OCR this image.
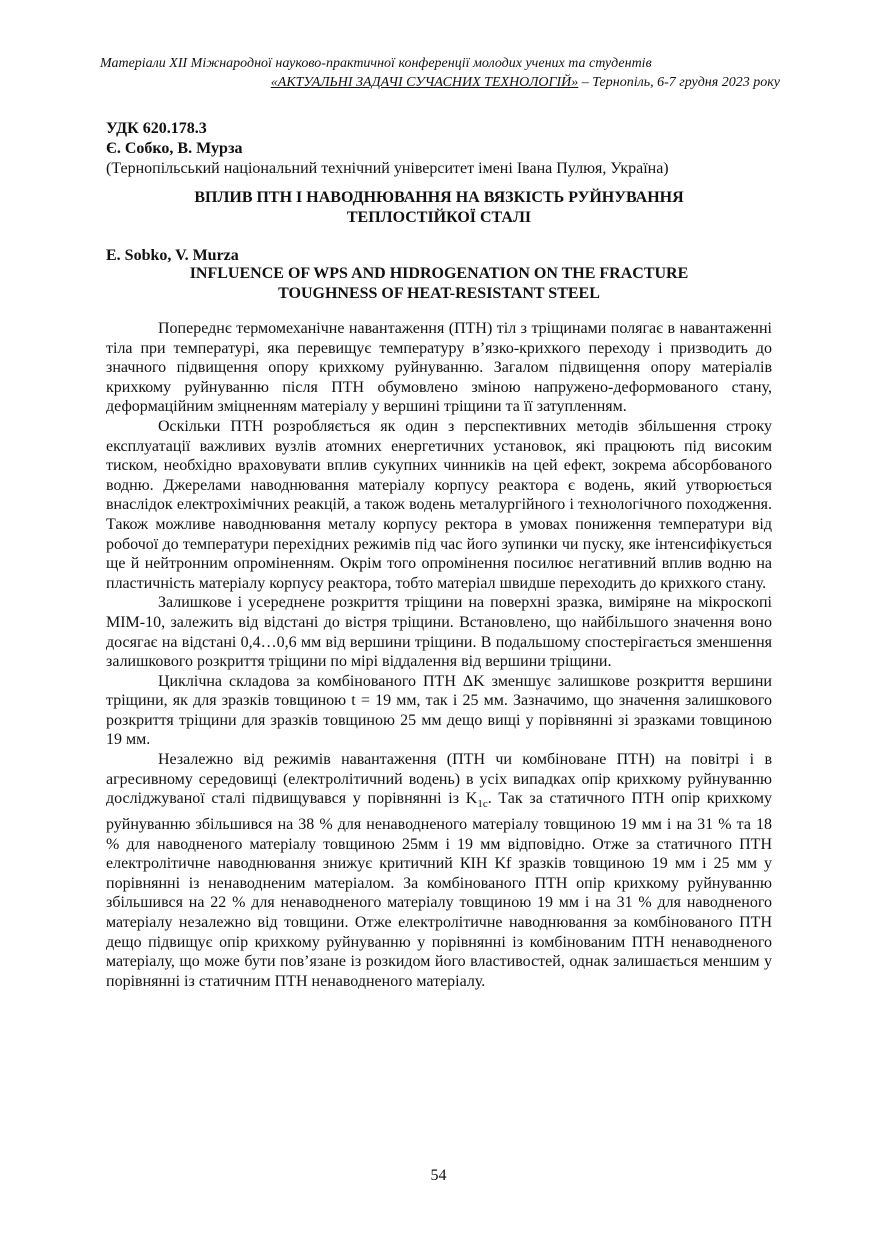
Матеріали XII Міжнародної науково-практичної конференції молодих учених та студентів
«АКТУАЛЬНІ ЗАДАЧІ СУЧАСНИХ ТЕХНОЛОГІЙ» – Тернопіль, 6-7 грудня 2023 року
УДК 620.178.3
Є. Собко, В. Мурза
(Тернопільський національний технічний університет імені Івана Пулюя, Україна)
ВПЛИВ ПТН І НАВОДНЮВАННЯ НА ВЯЗКІСТЬ РУЙНУВАННЯ
ТЕПЛОСТІЙКОЇ СТАЛІ
E. Sobko, V. Murza
INFLUENCE OF WPS AND HIDROGENATION ON THE FRACTURE
TOUGHNESS OF HEAT-RESISTANT STEEL

Попереднє термомеханічне навантаження (ПТН) тіл з тріщинами полягає в навантаженні тіла при температурі, яка перевищує температуру в’язко-крихкого переходу і призводить до значного підвищення опору крихкому руйнуванню. Загалом підвищення опору матеріалів крихкому руйнуванню після ПТН обумовлено зміною напружено-деформованого стану, деформаційним зміцненням матеріалу у вершині тріщини та її затупленням.

Оскільки ПТН розробляється як один з перспективних методів збільшення строку експлуатації важливих вузлів атомних енергетичних установок, які працюють під високим тиском, необхідно враховувати вплив сукупних чинників на цей ефект, зокрема абсорбованого водню. Джерелами наводнювання матеріалу корпусу реактора є водень, який утворюється внаслідок електрохімічних реакцій, а також водень металургійного і технологічного походження. Також можливе наводнювання металу корпусу ректора в умовах пониження температури від робочої до температури перехідних режимів під час його зупинки чи пуску, яке інтенсифікується ще й нейтронним опроміненням. Окрім того опромінення посилює негативний вплив водню на пластичність матеріалу корпусу реактора, тобто матеріал швидше переходить до крихкого стану.

Залишкове і усереднене розкриття тріщини на поверхні зразка, виміряне на мікроскопі МІМ-10, залежить від відстані до вістря тріщини. Встановлено, що найбільшого значення воно досягає на відстані 0,4…0,6 мм від вершини тріщини. В подальшому спостерігається зменшення залишкового розкриття тріщини по мірі віддалення від вершини тріщини.

Циклічна складова за комбінованого ПТН ΔK зменшує залишкове розкриття вершини тріщини, як для зразків товщиною t = 19 мм, так і 25 мм. Зазначимо, що значення залишкового розкриття тріщини для зразків товщиною 25 мм дещо вищі у порівнянні зі зразками товщиною 19 мм.

Незалежно від режимів навантаження (ПТН чи комбіноване ПТН) на повітрі і в агресивному середовищі (електролітичний водень) в усіх випадках опір крихкому руйнуванню досліджуваної сталі підвищувався у порівнянні із $K_{1c}$. Так за статичного ПТН опір крихкому руйнуванню збільшився на 38 % для ненаводненого матеріалу товщиною 19 мм і на 31 % та 18 % для наводненого матеріалу товщиною 25мм і 19 мм відповідно. Отже за статичного ПТН електролітичне наводнювання знижує критичний КІН Kf зразків товщиною 19 мм і 25 мм у порівнянні із ненаводненим матеріалом. За комбінованого ПТН опір крихкому руйнуванню збільшився на 22 % для ненаводненого матеріалу товщиною 19 мм і на 31 % для наводненого матеріалу незалежно від товщини. Отже електролітичне наводнювання за комбінованого ПТН дещо підвищує опір крихкому руйнуванню у порівнянні із комбінованим ПТН ненаводненого матеріалу, що може бути пов’язане із розкидом його властивостей, однак залишається меншим у порівнянні із статичним ПТН ненаводненого матеріалу.

54
